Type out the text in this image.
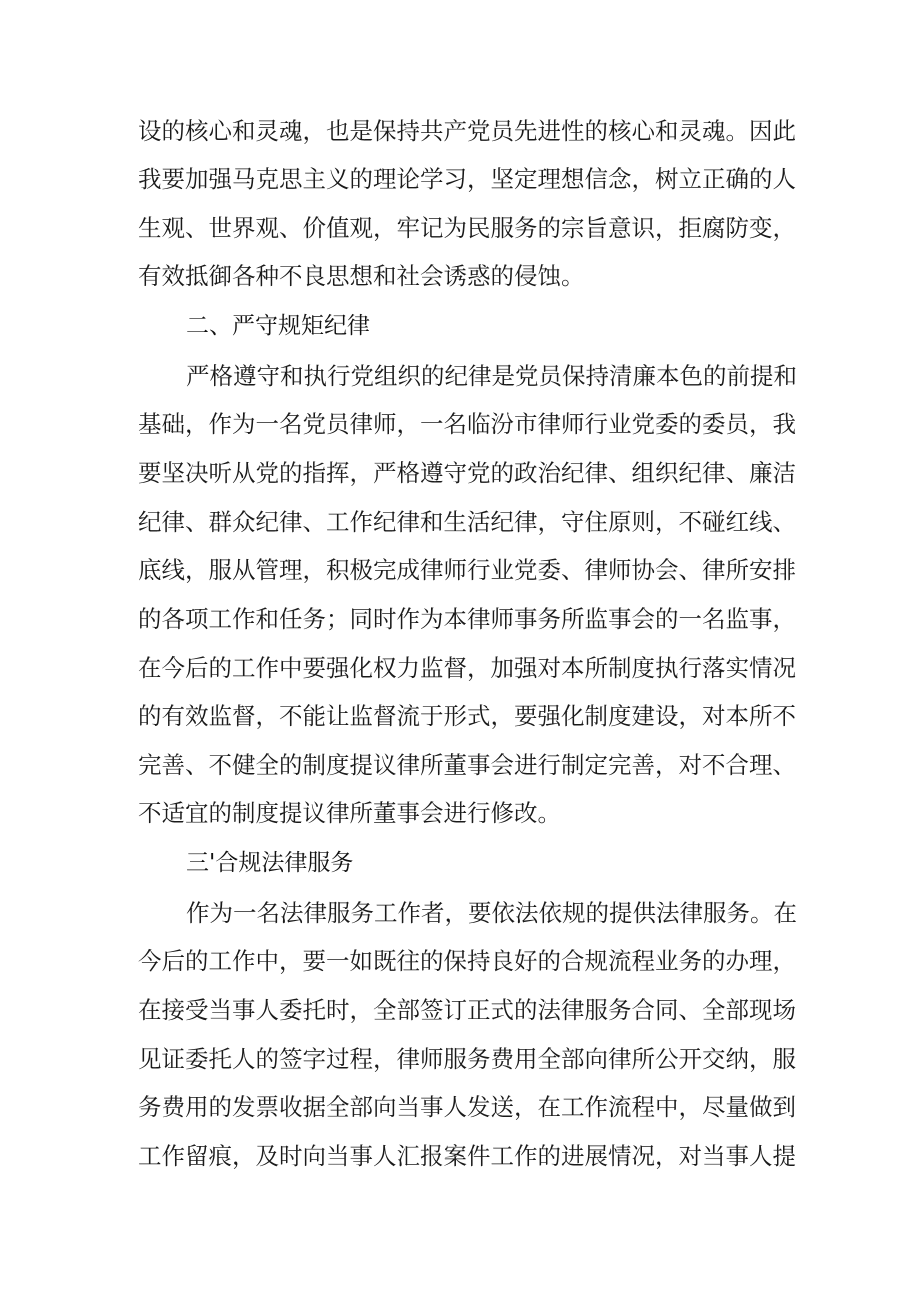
设的核心和灵魂，也是保持共产党员先进性的核心和灵魂。因此
我要加强马克思主义的理论学习，坚定理想信念，树立正确的人
生观、世界观、价值观，牢记为民服务的宗旨意识，拒腐防变，
有效抵御各种不良思想和社会诱惑的侵蚀。
二、严守规矩纪律
严格遵守和执行党组织的纪律是党员保持清廉本色的前提和
基础，作为一名党员律师，一名临汾市律师行业党委的委员，我
要坚决听从党的指挥，严格遵守党的政治纪律、组织纪律、廉洁
纪律、群众纪律、工作纪律和生活纪律，守住原则，不碰红线、
底线，服从管理，积极完成律师行业党委、律师协会、律所安排
的各项工作和任务；同时作为本律师事务所监事会的一名监事，
在今后的工作中要强化权力监督，加强对本所制度执行落实情况
的有效监督，不能让监督流于形式，要强化制度建设，对本所不
完善、不健全的制度提议律所董事会进行制定完善，对不合理、
不适宜的制度提议律所董事会进行修改。
三'合规法律服务
作为一名法律服务工作者，要依法依规的提供法律服务。在
今后的工作中，要一如既往的保持良好的合规流程业务的办理，
在接受当事人委托时，全部签订正式的法律服务合同、全部现场
见证委托人的签字过程，律师服务费用全部向律所公开交纳，服
务费用的发票收据全部向当事人发送，在工作流程中，尽量做到
工作留痕，及时向当事人汇报案件工作的进展情况，对当事人提
